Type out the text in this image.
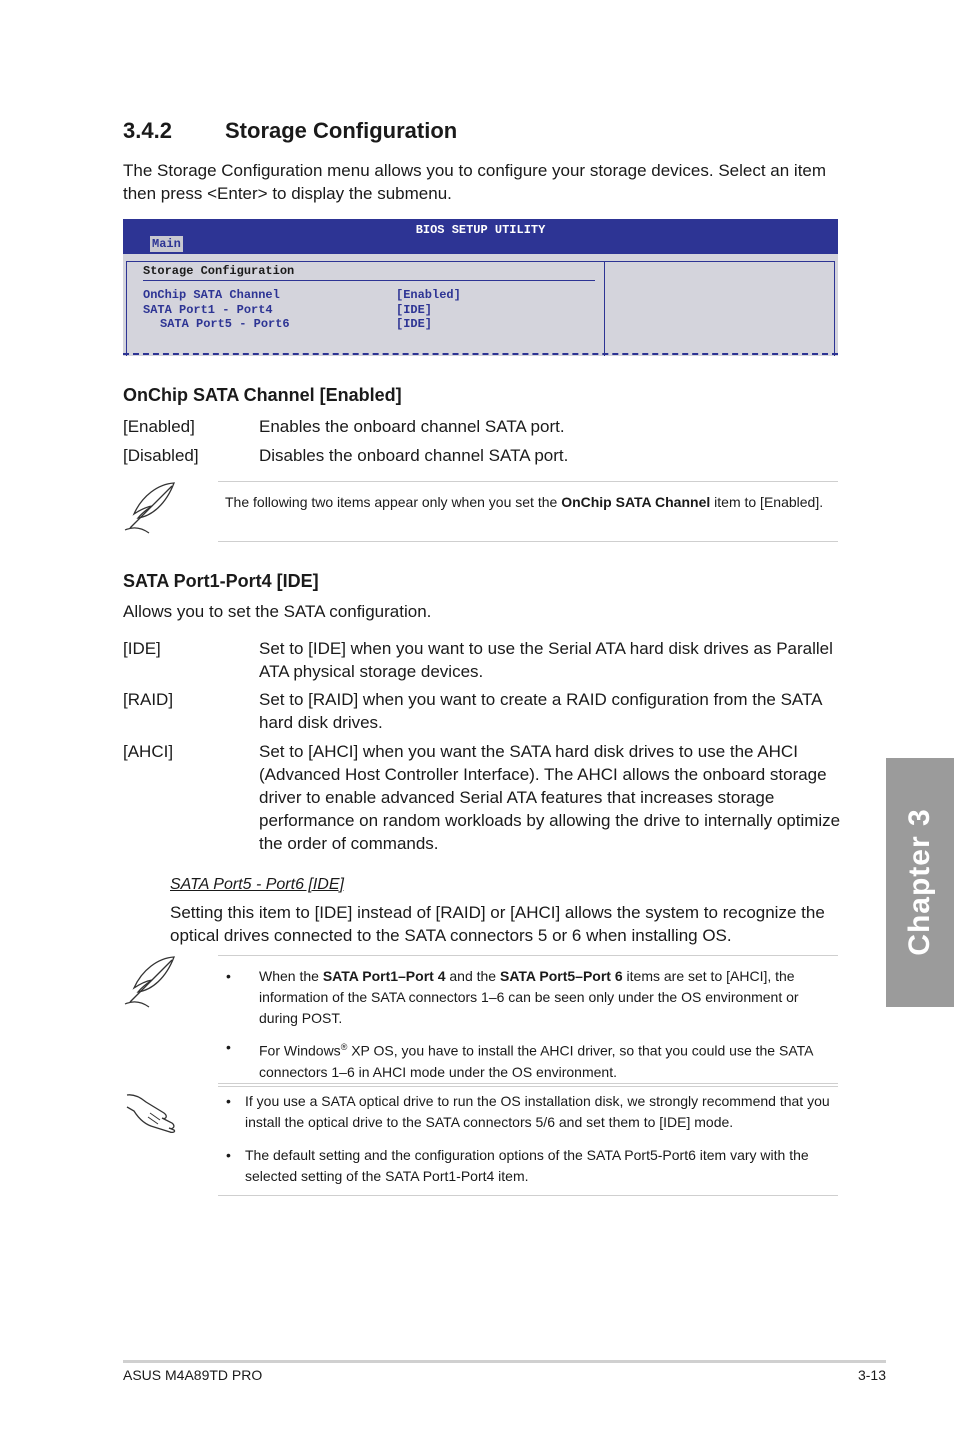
3.4.2 Storage Configuration
The Storage Configuration menu allows you to configure your storage devices. Select an item then press <Enter> to display the submenu.
BIOS SETUP UTILITY
Main
Storage Configuration
OnChip SATA Channel	[Enabled]
SATA Port1 - Port4	[IDE]
SATA Port5 - Port6	[IDE]
OnChip SATA Channel [Enabled]
[Enabled]	Enables the onboard channel SATA port.
[Disabled]	Disables the onboard channel SATA port.
The following two items appear only when you set the OnChip SATA Channel item to [Enabled].
SATA Port1-Port4 [IDE]
Allows you to set the SATA configuration.
[IDE]	Set to [IDE] when you want to use the Serial ATA hard disk drives as Parallel ATA physical storage devices.
[RAID]	Set to [RAID] when you want to create a RAID configuration from the SATA hard disk drives.
[AHCI]	Set to [AHCI] when you want the SATA hard disk drives to use the AHCI (Advanced Host Controller Interface). The AHCI allows the onboard storage driver to enable advanced Serial ATA features that increases storage performance on random workloads by allowing the drive to internally optimize the order of commands.
SATA Port5 - Port6 [IDE]
Setting this item to [IDE] instead of [RAID] or [AHCI] allows the system to recognize the optical drives connected to the SATA connectors 5 or 6 when installing OS.
• When the SATA Port1–Port 4 and the SATA Port5–Port 6 items are set to [AHCI], the information of the SATA connectors 1–6 can be seen only under the OS environment or during POST.
• For Windows® XP OS, you have to install the AHCI driver, so that you could use the SATA connectors 1–6 in AHCI mode under the OS environment.
• If you use a SATA optical drive to run the OS installation disk, we strongly recommend that you install the optical drive to the SATA connectors 5/6 and set them to [IDE] mode.
• The default setting and the configuration options of the SATA Port5-Port6 item vary with the selected setting of the SATA Port1-Port4 item.
Chapter 3
ASUS M4A89TD PRO	3-13
